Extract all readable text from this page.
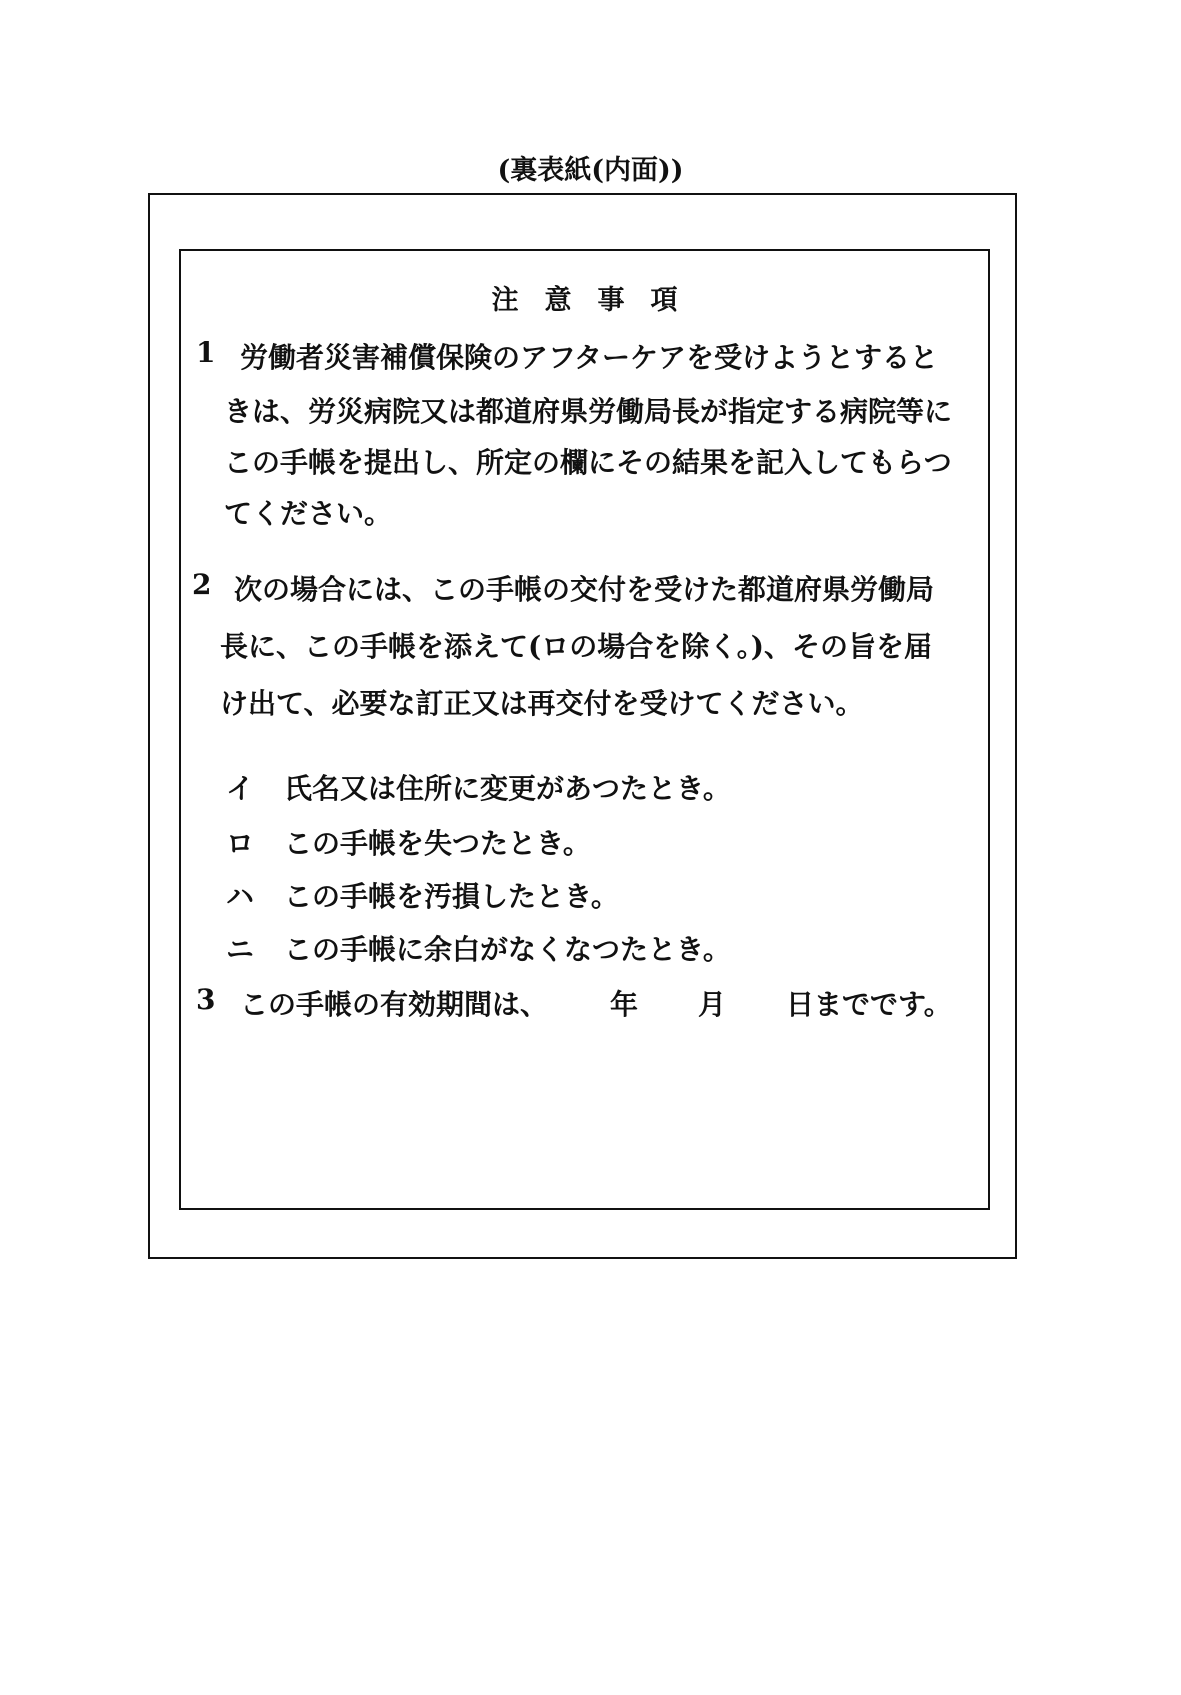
(裏表紙(内面))
注意事項
1 労働者災害補償保険のアフターケアを受けようとすると
きは、労災病院又は都道府県労働局長が指定する病院等に
この手帳を提出し、所定の欄にその結果を記入してもらつ
てください。
2 次の場合には、この手帳の交付を受けた都道府県労働局
長に、この手帳を添えて(ロの場合を除く。)、その旨を届
け出て、必要な訂正又は再交付を受けてください。
イ 氏名又は住所に変更があつたとき。
ロ この手帳を失つたとき。
ハ この手帳を汚損したとき。
ニ この手帳に余白がなくなつたとき。
3 この手帳の有効期間は、 年 月 日までです。
